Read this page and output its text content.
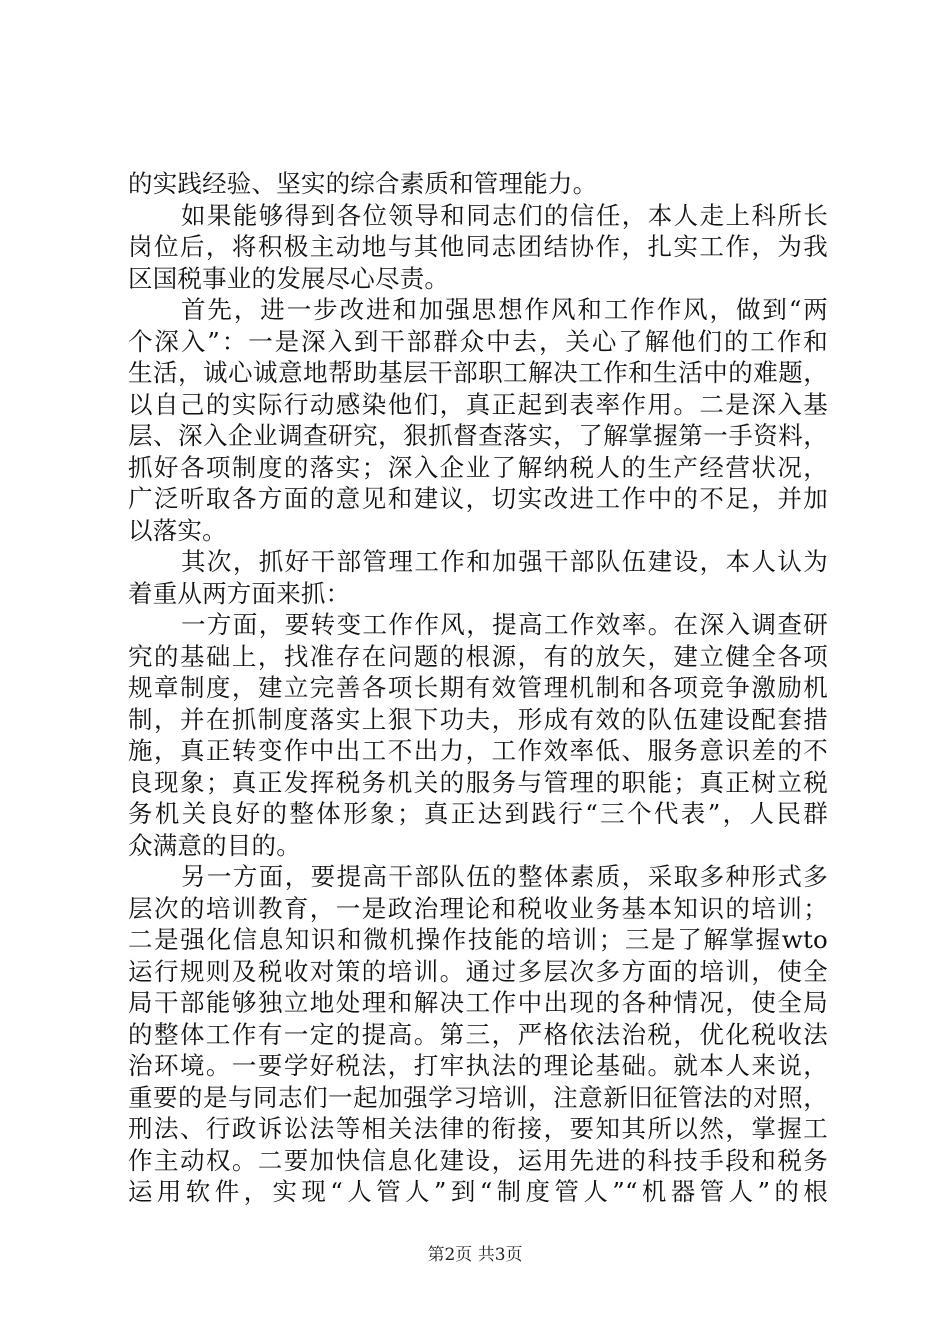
的实践经验、坚实的综合素质和管理能力。
如果能够得到各位领导和同志们的信任，本人走上科所长
岗位后，将积极主动地与其他同志团结协作，扎实工作，为我
区国税事业的发展尽心尽责。
首先，进一步改进和加强思想作风和工作作风，做到“两
个深入”：一是深入到干部群众中去，关心了解他们的工作和
生活，诚心诚意地帮助基层干部职工解决工作和生活中的难题，
以自己的实际行动感染他们，真正起到表率作用。二是深入基
层、深入企业调查研究，狠抓督查落实，了解掌握第一手资料，
抓好各项制度的落实；深入企业了解纳税人的生产经营状况，
广泛听取各方面的意见和建议，切实改进工作中的不足，并加
以落实。
其次，抓好干部管理工作和加强干部队伍建设，本人认为
着重从两方面来抓：
一方面，要转变工作作风，提高工作效率。在深入调查研
究的基础上，找准存在问题的根源，有的放矢，建立健全各项
规章制度，建立完善各项长期有效管理机制和各项竞争激励机
制，并在抓制度落实上狠下功夫，形成有效的队伍建设配套措
施，真正转变作中出工不出力，工作效率低、服务意识差的不
良现象；真正发挥税务机关的服务与管理的职能；真正树立税
务机关良好的整体形象；真正达到践行“三个代表”，人民群
众满意的目的。
另一方面，要提高干部队伍的整体素质，采取多种形式多
层次的培训教育，一是政治理论和税收业务基本知识的培训；
二是强化信息知识和微机操作技能的培训；三是了解掌握wto
运行规则及税收对策的培训。通过多层次多方面的培训，使全
局干部能够独立地处理和解决工作中出现的各种情况，使全局
的整体工作有一定的提高。第三，严格依法治税，优化税收法
治环境。一要学好税法，打牢执法的理论基础。就本人来说，
重要的是与同志们一起加强学习培训，注意新旧征管法的对照，
刑法、行政诉讼法等相关法律的衔接，要知其所以然，掌握工
作主动权。二要加快信息化建设，运用先进的科技手段和税务
运用软件，实现“人管人”到“制度管人”“机器管人”的根
第2页 共3页
